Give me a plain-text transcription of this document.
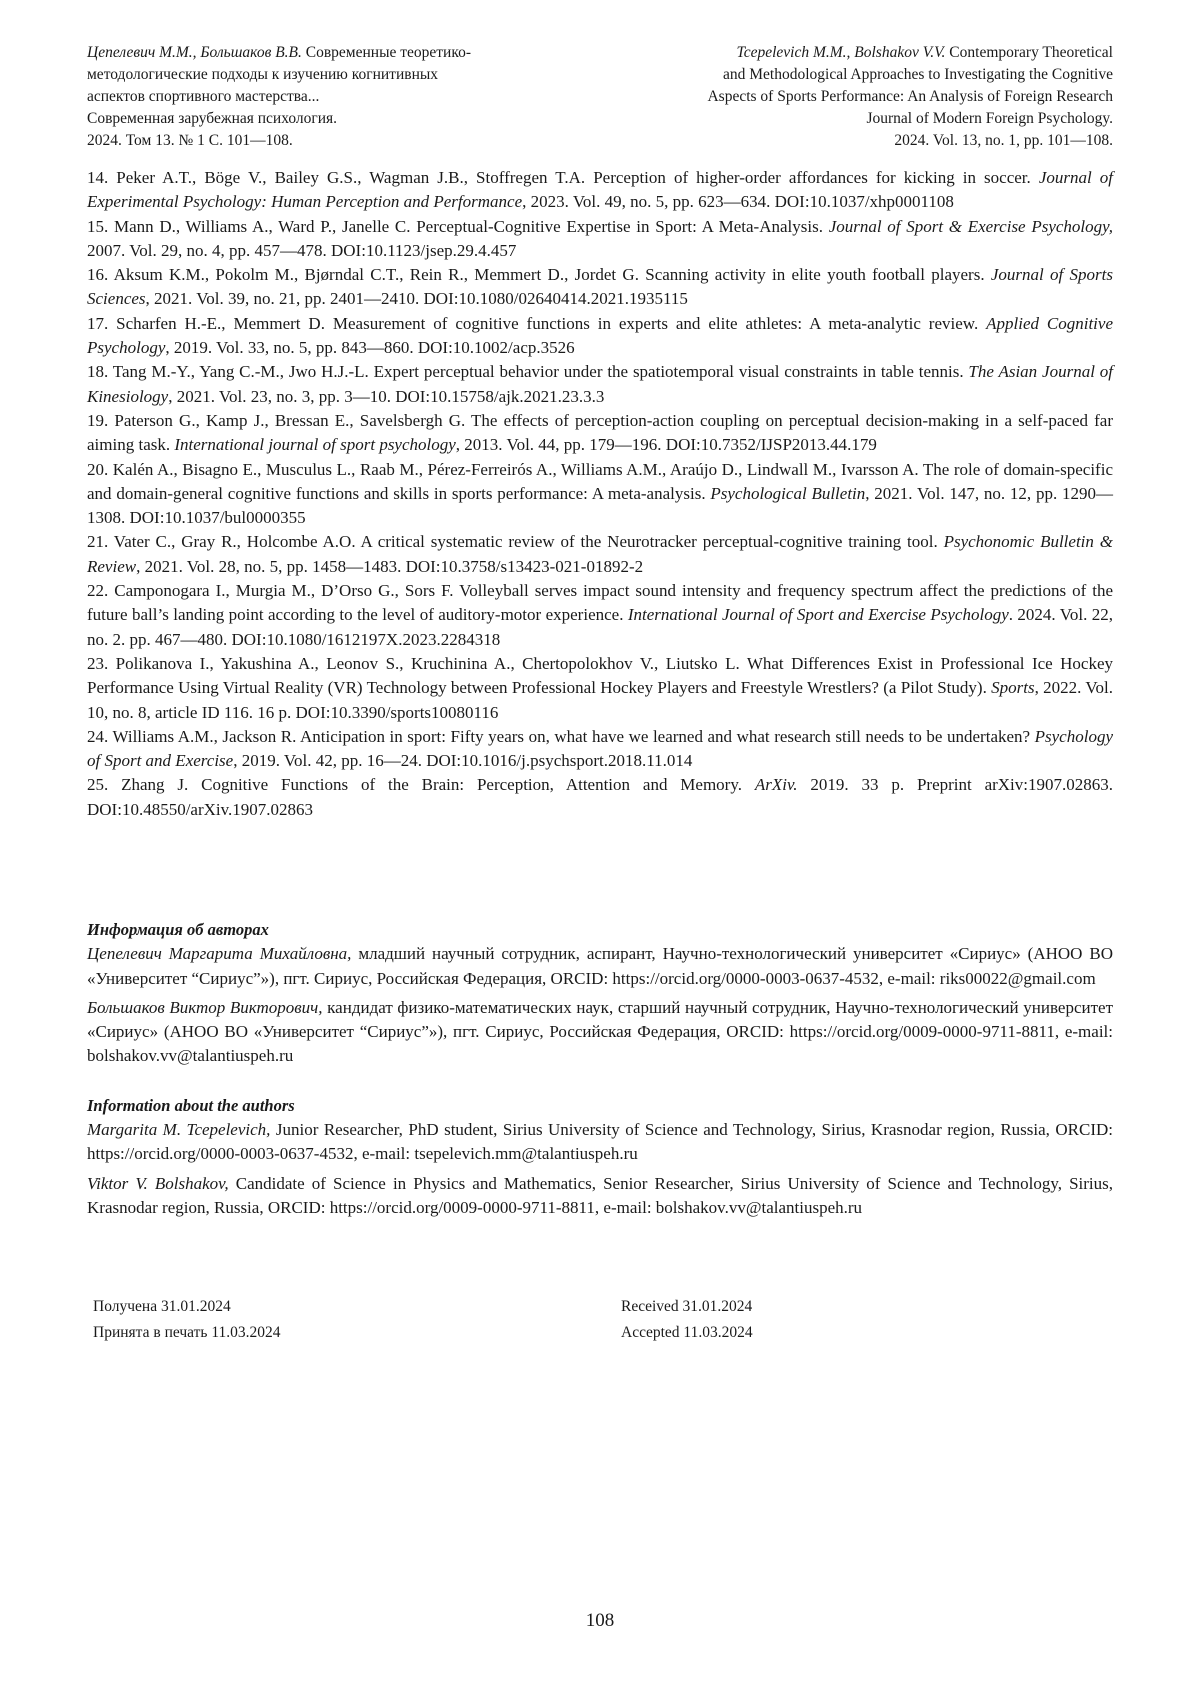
Цепелевич М.М., Большаков В.В. Современные теоретико-
методологические подходы к изучению когнитивных
аспектов спортивного мастерства...
Современная зарубежная психология.
2024. Том 13. № 1 С. 101—108.
Tcepelevich M.M., Bolshakov V.V. Contemporary Theoretical
and Methodological Approaches to Investigating the Cognitive
Aspects of Sports Performance: An Analysis of Foreign Research
Journal of Modern Foreign Psychology.
2024. Vol. 13, no. 1, pp. 101—108.

14. Peker A.T., Böge V., Bailey G.S., Wagman J.B., Stoffregen T.A. Perception of higher-order affordances for kicking in soccer. Journal of Experimental Psychology: Human Perception and Performance, 2023. Vol. 49, no. 5, pp. 623—634. DOI:10.1037/xhp0001108

15. Mann D., Williams A., Ward P., Janelle C. Perceptual-Cognitive Expertise in Sport: A Meta-Analysis. Journal of Sport & Exercise Psychology, 2007. Vol. 29, no. 4, pp. 457—478. DOI:10.1123/jsep.29.4.457

16. Aksum K.M., Pokolm M., Bjørndal C.T., Rein R., Memmert D., Jordet G. Scanning activity in elite youth football players. Journal of Sports Sciences, 2021. Vol. 39, no. 21, pp. 2401—2410. DOI:10.1080/02640414.2021.1935115

17. Scharfen H.-E., Memmert D. Measurement of cognitive functions in experts and elite athletes: A meta-analytic review. Applied Cognitive Psychology, 2019. Vol. 33, no. 5, pp. 843—860. DOI:10.1002/acp.3526

18. Tang M.-Y., Yang C.-M., Jwo H.J.-L. Expert perceptual behavior under the spatiotemporal visual constraints in table tennis. The Asian Journal of Kinesiology, 2021. Vol. 23, no. 3, pp. 3—10. DOI:10.15758/ajk.2021.23.3.3

19. Paterson G., Kamp J., Bressan E., Savelsbergh G. The effects of perception-action coupling on perceptual decision-making in a self-paced far aiming task. International journal of sport psychology, 2013. Vol. 44, pp. 179—196. DOI:10.7352/IJSP2013.44.179

20. Kalén A., Bisagno E., Musculus L., Raab M., Pérez-Ferreirós A., Williams A.M., Araújo D., Lindwall M., Ivarsson A. The role of domain-specific and domain-general cognitive functions and skills in sports performance: A meta-analysis. Psychological Bulletin, 2021. Vol. 147, no. 12, pp. 1290—1308. DOI:10.1037/bul0000355

21. Vater C., Gray R., Holcombe A.O. A critical systematic review of the Neurotracker perceptual-cognitive training tool. Psychonomic Bulletin & Review, 2021. Vol. 28, no. 5, pp. 1458—1483. DOI:10.3758/s13423-021-01892-2

22. Camponogara I., Murgia M., D’Orso G., Sors F. Volleyball serves impact sound intensity and frequency spectrum affect the predictions of the future ball’s landing point according to the level of auditory-motor experience. International Journal of Sport and Exercise Psychology. 2024. Vol. 22, no. 2. pp. 467—480. DOI:10.1080/1612197X.2023.2284318

23. Polikanova I., Yakushina A., Leonov S., Kruchinina A., Chertopolokhov V., Liutsko L. What Differences Exist in Professional Ice Hockey Performance Using Virtual Reality (VR) Technology between Professional Hockey Players and Freestyle Wrestlers? (a Pilot Study). Sports, 2022. Vol. 10, no. 8, article ID 116. 16 p. DOI:10.3390/sports10080116

24. Williams A.M., Jackson R. Anticipation in sport: Fifty years on, what have we learned and what research still needs to be undertaken? Psychology of Sport and Exercise, 2019. Vol. 42, pp. 16—24. DOI:10.1016/j.psychsport.2018.11.014

25. Zhang J. Cognitive Functions of the Brain: Perception, Attention and Memory. ArXiv. 2019. 33 p. Preprint arXiv:1907.02863. DOI:10.48550/arXiv.1907.02863

Информация об авторах

Цепелевич Маргарита Михайловна, младший научный сотрудник, аспирант, Научно-технологический университет «Сириус» (АНОО ВО «Университет “Сириус”»), пгт. Сириус, Российская Федерация, ORCID: https://orcid.org/0000-0003-0637-4532, e-mail: riks00022@gmail.com

Большаков Виктор Викторович, кандидат физико-математических наук, старший научный сотрудник, Научно-технологический университет «Сириус» (АНОО ВО «Университет “Сириус”»), пгт. Сириус, Российская Федерация, ORCID: https://orcid.org/0009-0000-9711-8811, e-mail: bolshakov.vv@talantiuspeh.ru

Information about the authors

Margarita M. Tcepelevich, Junior Researcher, PhD student, Sirius University of Science and Technology, Sirius, Krasnodar region, Russia, ORCID: https://orcid.org/0000-0003-0637-4532, e-mail: tsepelevich.mm@talantiuspeh.ru

Viktor V. Bolshakov, Candidate of Science in Physics and Mathematics, Senior Researcher, Sirius University of Science and Technology, Sirius, Krasnodar region, Russia, ORCID: https://orcid.org/0009-0000-9711-8811, e-mail: bolshakov.vv@talantiuspeh.ru

Получена 31.01.2024
Принята в печать 11.03.2024
Received 31.01.2024
Accepted 11.03.2024
108
